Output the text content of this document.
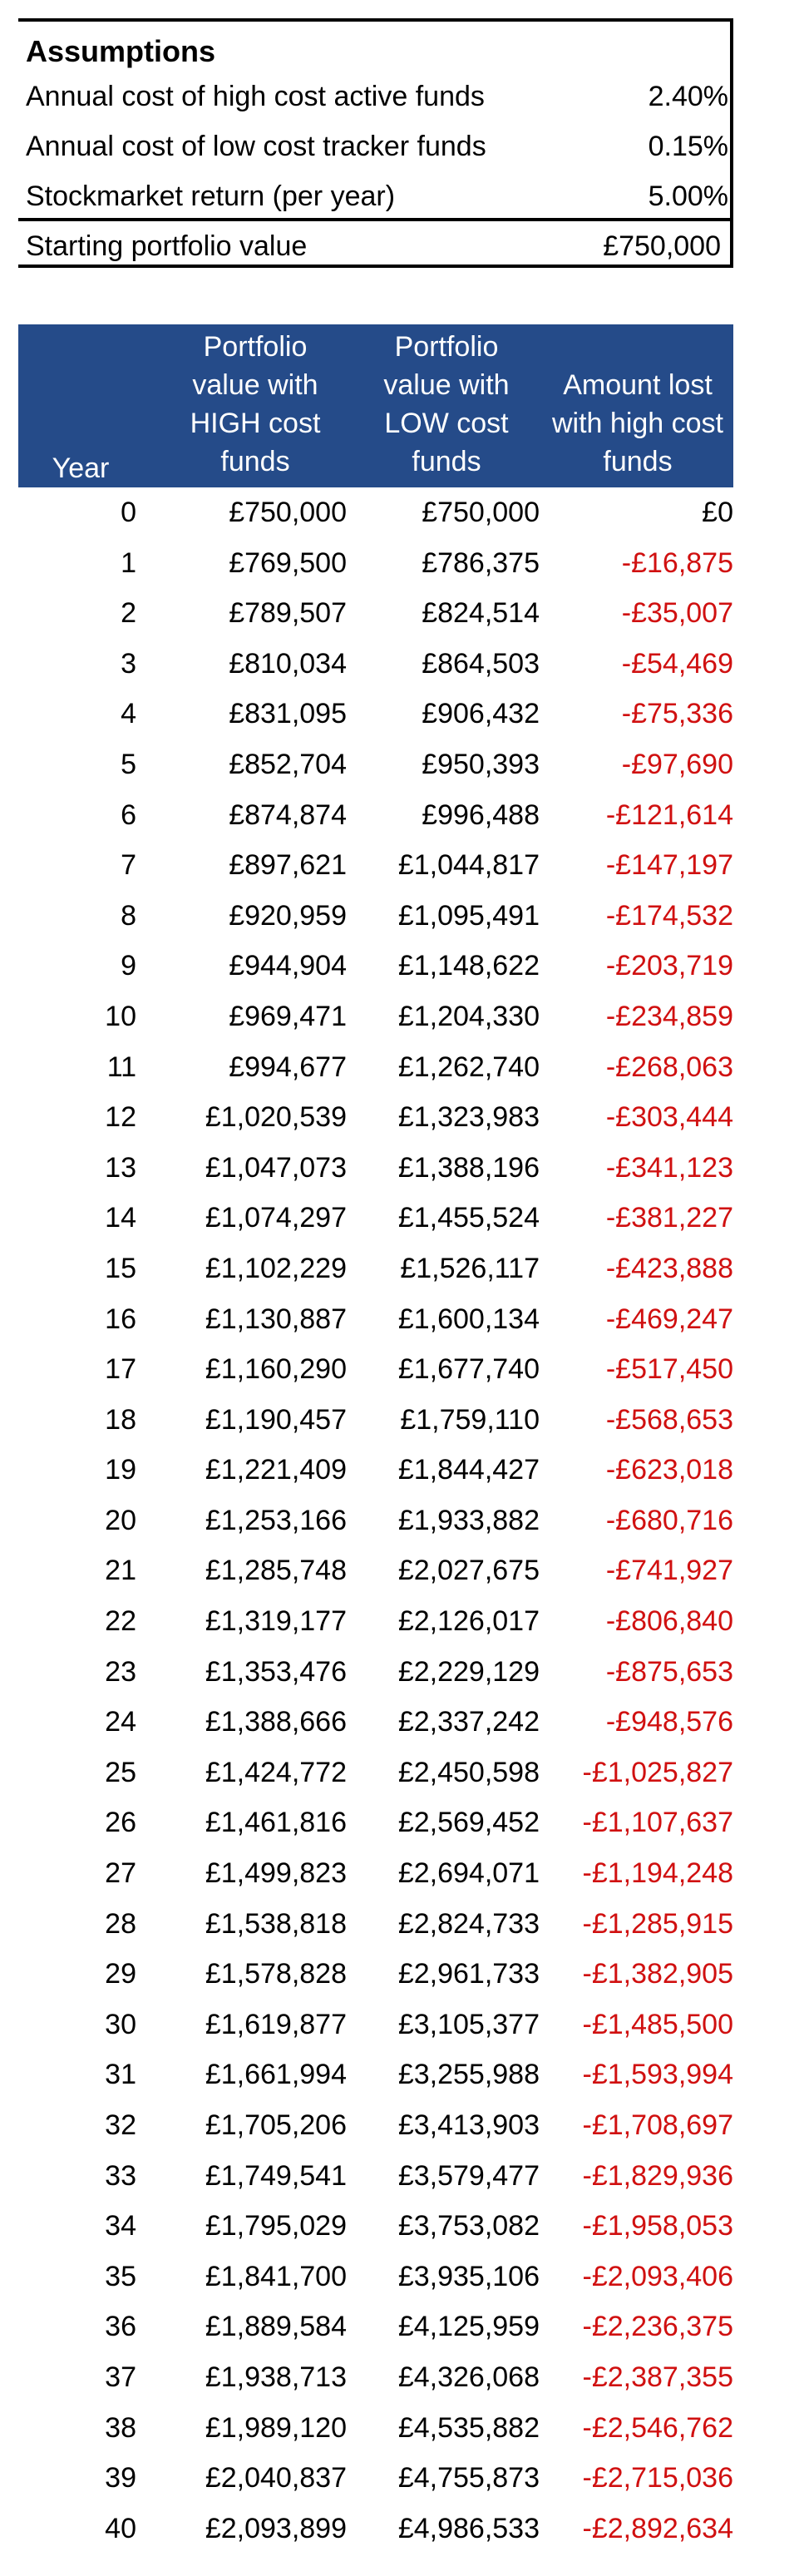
Assumptions
Annual cost of high cost active funds	2.40%
Annual cost of low cost tracker funds	0.15%
Stockmarket return (per year)	5.00%
Starting portfolio value	£750,000
Year
Portfolio
value with
HIGH cost
funds
Portfolio
value with
LOW cost
funds
Amount lost
with high cost
funds
0	£750,000	£750,000	£0
1	£769,500	£786,375	-£16,875
2	£789,507	£824,514	-£35,007
3	£810,034	£864,503	-£54,469
4	£831,095	£906,432	-£75,336
5	£852,704	£950,393	-£97,690
6	£874,874	£996,488 -£121,614
7	£897,621 £1,044,817 -£147,197
8	£920,959 £1,095,491 -£174,532
9	£944,904 £1,148,622 -£203,719
10	£969,471 £1,204,330 -£234,859
11	£994,677 £1,262,740 -£268,063
12 £1,020,539 £1,323,983 -£303,444
13 £1,047,073 £1,388,196 -£341,123
14 £1,074,297 £1,455,524 -£381,227
15 £1,102,229 £1,526,117 -£423,888
16 £1,130,887 £1,600,134 -£469,247
17 £1,160,290 £1,677,740 -£517,450
18 £1,190,457 £1,759,110 -£568,653
19 £1,221,409 £1,844,427 -£623,018
20 £1,253,166 £1,933,882 -£680,716
21 £1,285,748 £2,027,675 -£741,927
22 £1,319,177 £2,126,017 -£806,840
23 £1,353,476 £2,229,129 -£875,653
24 £1,388,666 £2,337,242 -£948,576
25 £1,424,772 £2,450,598 -£1,025,827
26 £1,461,816 £2,569,452 -£1,107,637
27 £1,499,823 £2,694,071 -£1,194,248
28 £1,538,818 £2,824,733 -£1,285,915
29 £1,578,828 £2,961,733 -£1,382,905
30 £1,619,877 £3,105,377 -£1,485,500
31 £1,661,994 £3,255,988 -£1,593,994
32 £1,705,206 £3,413,903 -£1,708,697
33 £1,749,541 £3,579,477 -£1,829,936
34 £1,795,029 £3,753,082 -£1,958,053
35 £1,841,700 £3,935,106 -£2,093,406
36 £1,889,584 £4,125,959 -£2,236,375
37 £1,938,713 £4,326,068 -£2,387,355
38 £1,989,120 £4,535,882 -£2,546,762
39 £2,040,837 £4,755,873 -£2,715,036
40 £2,093,899 £4,986,533 -£2,892,634
